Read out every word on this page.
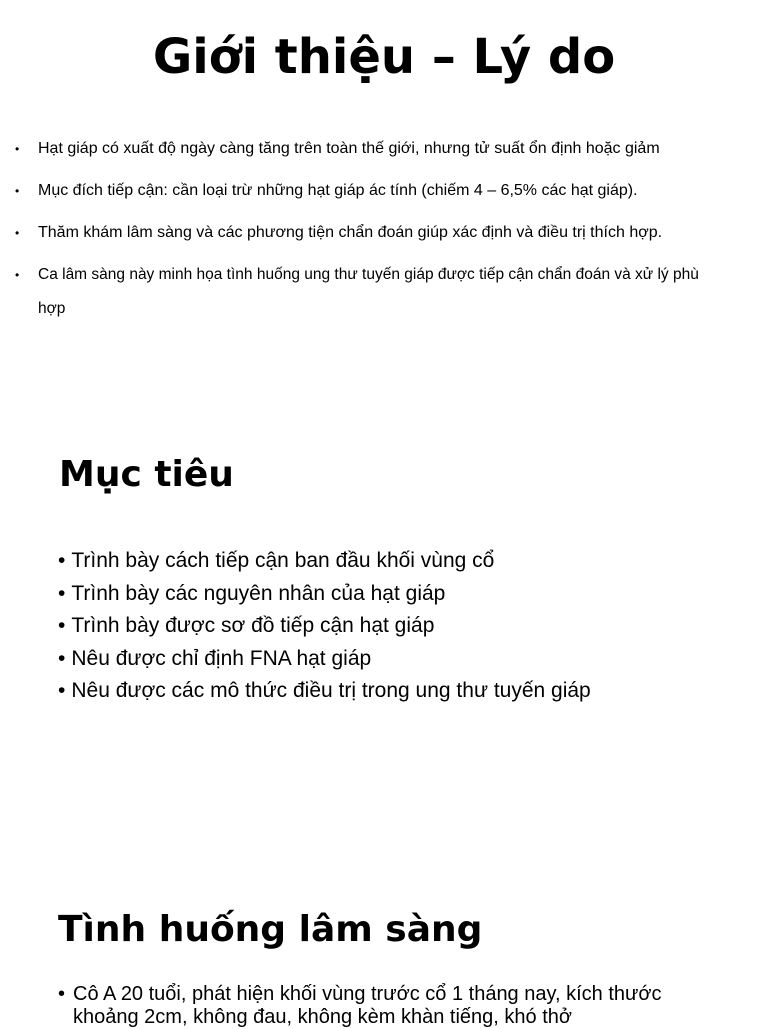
Giới thiệu – Lý do
• Hạt giáp có xuất độ ngày càng tăng trên toàn thế giới, nhưng tử suất ổn định hoặc giảm
• Mục đích tiếp cận: cần loại trừ những hạt giáp ác tính (chiếm 4 – 6,5% các hạt giáp).
• Thăm khám lâm sàng và các phương tiện chẩn đoán giúp xác định và điều trị thích hợp.
• Ca lâm sàng này minh họa tình huống ung thư tuyến giáp được tiếp cận chẩn đoán và xử lý phù hợp
Mục tiêu
• Trình bày cách tiếp cận ban đầu khối vùng cổ
• Trình bày các nguyên nhân của hạt giáp
• Trình bày được sơ đồ tiếp cận hạt giáp
• Nêu được chỉ định FNA hạt giáp
• Nêu được các mô thức điều trị trong ung thư tuyến giáp
Tình huống lâm sàng
• Cô A 20 tuổi, phát hiện khối vùng trước cổ 1 tháng nay, kích thước khoảng 2cm, không đau, không kèm khàn tiếng, khó thở
